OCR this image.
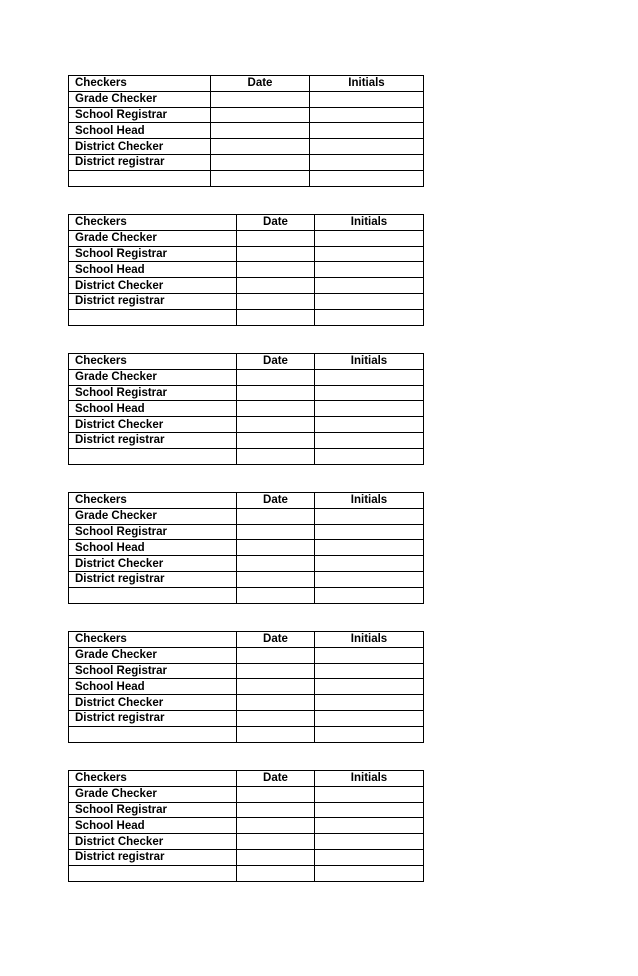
Checkers	Date	Initials
Grade Checker		
School Registrar		
School Head		
District Checker		
District registrar		

Checkers	Date	Initials
Grade Checker		
School Registrar		
School Head		
District Checker		
District registrar		

Checkers	Date	Initials
Grade Checker		
School Registrar		
School Head		
District Checker		
District registrar		

Checkers	Date	Initials
Grade Checker		
School Registrar		
School Head		
District Checker		
District registrar		

Checkers	Date	Initials
Grade Checker		
School Registrar		
School Head		
District Checker		
District registrar		

Checkers	Date	Initials
Grade Checker		
School Registrar		
School Head		
District Checker		
District registrar		
